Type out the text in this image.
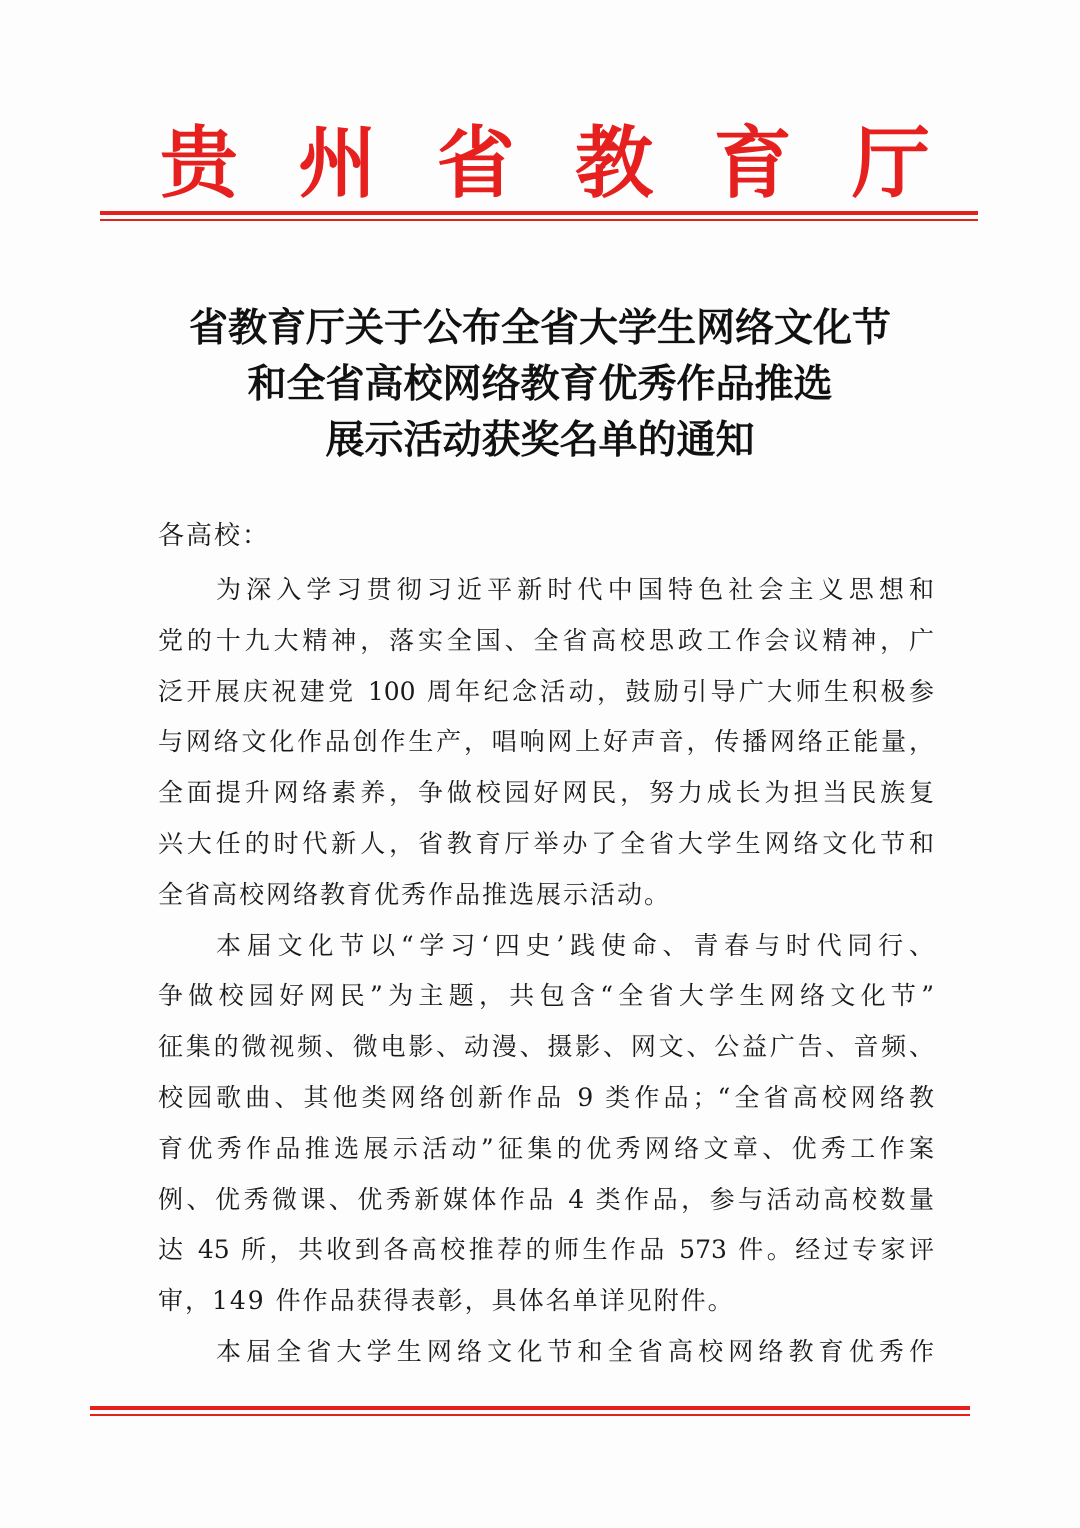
贵 州 省 教 育 厅
省教育厅关于公布全省大学生网络文化节
和全省高校网络教育优秀作品推选
展示活动获奖名单的通知
各高校：
为深入学习贯彻习近平新时代中国特色社会主义思想和
党的十九大精神，落实全国、全省高校思政工作会议精神，广
泛开展庆祝建党 100 周年纪念活动，鼓励引导广大师生积极参
与网络文化作品创作生产，唱响网上好声音，传播网络正能量，
全面提升网络素养，争做校园好网民，努力成长为担当民族复
兴大任的时代新人，省教育厅举办了全省大学生网络文化节和
全省高校网络教育优秀作品推选展示活动。
本届文化节以“学习‘四史’践使命、青春与时代同行、
争做校园好网民”为主题，共包含“全省大学生网络文化节”
征集的微视频、微电影、动漫、摄影、网文、公益广告、音频、
校园歌曲、其他类网络创新作品 9 类作品；“全省高校网络教
育优秀作品推选展示活动”征集的优秀网络文章、优秀工作案
例、优秀微课、优秀新媒体作品 4 类作品，参与活动高校数量
达 45 所，共收到各高校推荐的师生作品 573 件。经过专家评
审，149 件作品获得表彰，具体名单详见附件。
本届全省大学生网络文化节和全省高校网络教育优秀作
